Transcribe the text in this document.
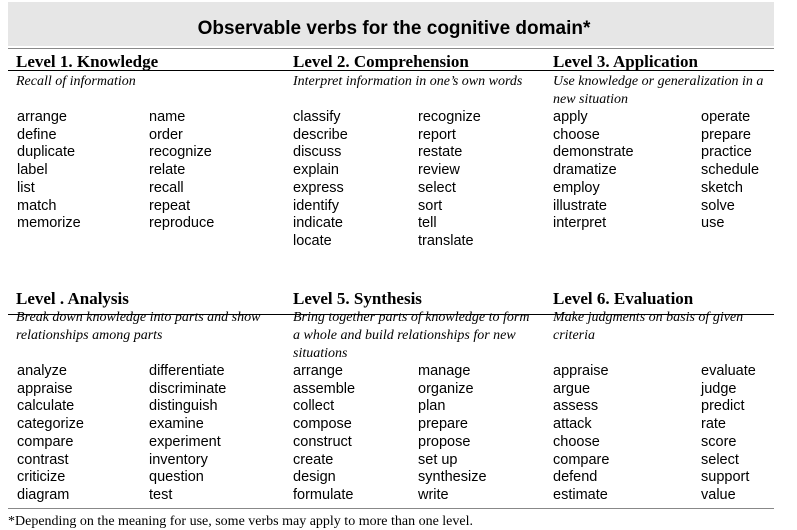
Observable verbs for the cognitive domain*
Level 1. Knowledge
Recall of information
arrange
define
duplicate
label
list
match
memorize
name
order
recognize
relate
recall
repeat
reproduce
Level 2. Comprehension
Interpret information in one’s own words
classify
describe
discuss
explain
express
identify
indicate
locate
recognize
report
restate
review
select
sort
tell
translate
Level 3. Application
Use knowledge or generalization in a new situation
apply
choose
demonstrate
dramatize
employ
illustrate
interpret
operate
prepare
practice
schedule
sketch
solve
use
Level . Analysis
Break down knowledge into parts and show relationships among parts
analyze
appraise
calculate
categorize
compare
contrast
criticize
diagram
differentiate
discriminate
distinguish
examine
experiment
inventory
question
test
Level 5. Synthesis
Bring together parts of knowledge to form a whole and build relationships for new situations
arrange
assemble
collect
compose
construct
create
design
formulate
manage
organize
plan
prepare
propose
set up
synthesize
write
Level 6. Evaluation
Make judgments on basis of given criteria
appraise
argue
assess
attack
choose
compare
defend
estimate
evaluate
judge
predict
rate
score
select
support
value
*Depending on the meaning for use, some verbs may apply to more than one level.
